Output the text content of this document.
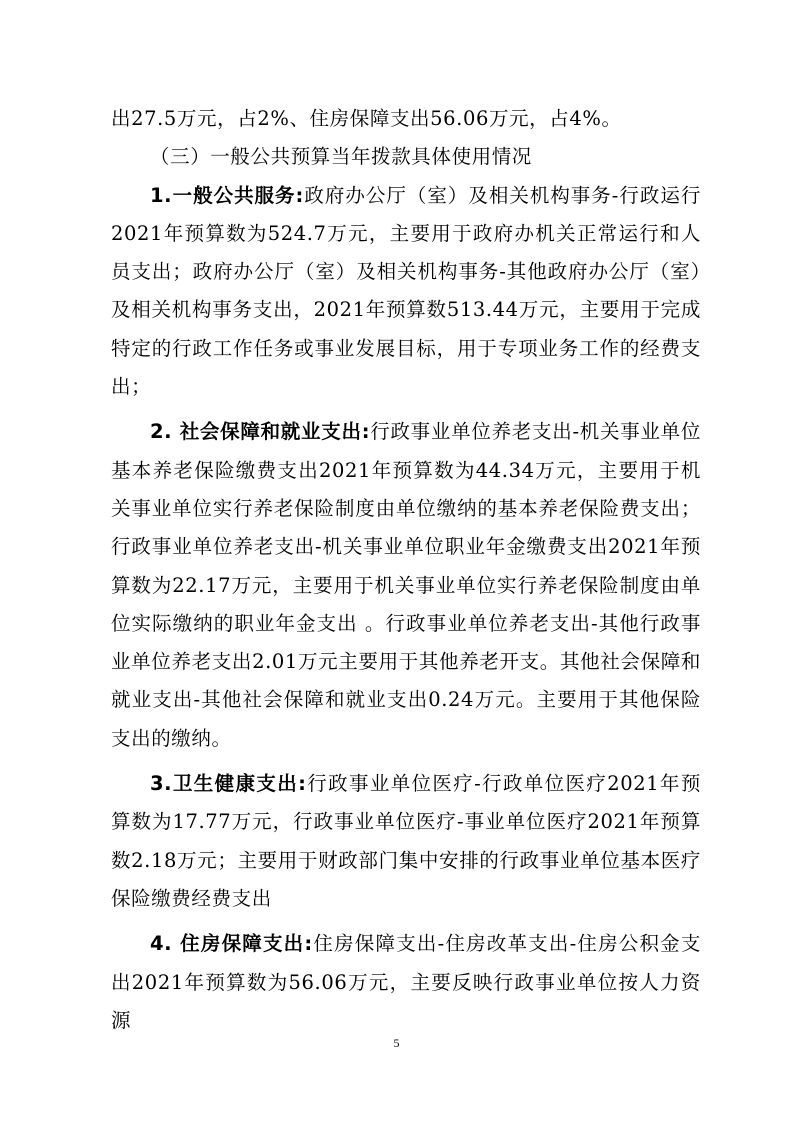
出27.5万元，占2%、住房保障支出56.06万元，占4%。

（三）一般公共预算当年拨款具体使用情况

1.一般公共服务:政府办公厅（室）及相关机构事务-行政运行2021年预算数为524.7万元，主要用于政府办机关正常运行和人员支出；政府办公厅（室）及相关机构事务-其他政府办公厅（室）及相关机构事务支出，2021年预算数513.44万元，主要用于完成特定的行政工作任务或事业发展目标，用于专项业务工作的经费支出；

2. 社会保障和就业支出:行政事业单位养老支出-机关事业单位基本养老保险缴费支出2021年预算数为44.34万元，主要用于机关事业单位实行养老保险制度由单位缴纳的基本养老保险费支出；行政事业单位养老支出-机关事业单位职业年金缴费支出2021年预算数为22.17万元，主要用于机关事业单位实行养老保险制度由单位实际缴纳的职业年金支出 。行政事业单位养老支出-其他行政事业单位养老支出2.01万元主要用于其他养老开支。其他社会保障和就业支出-其他社会保障和就业支出0.24万元。主要用于其他保险支出的缴纳。

3.卫生健康支出:行政事业单位医疗-行政单位医疗2021年预算数为17.77万元，行政事业单位医疗-事业单位医疗2021年预算数2.18万元；主要用于财政部门集中安排的行政事业单位基本医疗保险缴费经费支出

4. 住房保障支出:住房保障支出-住房改革支出-住房公积金支出2021年预算数为56.06万元，主要反映行政事业单位按人力资源

5
